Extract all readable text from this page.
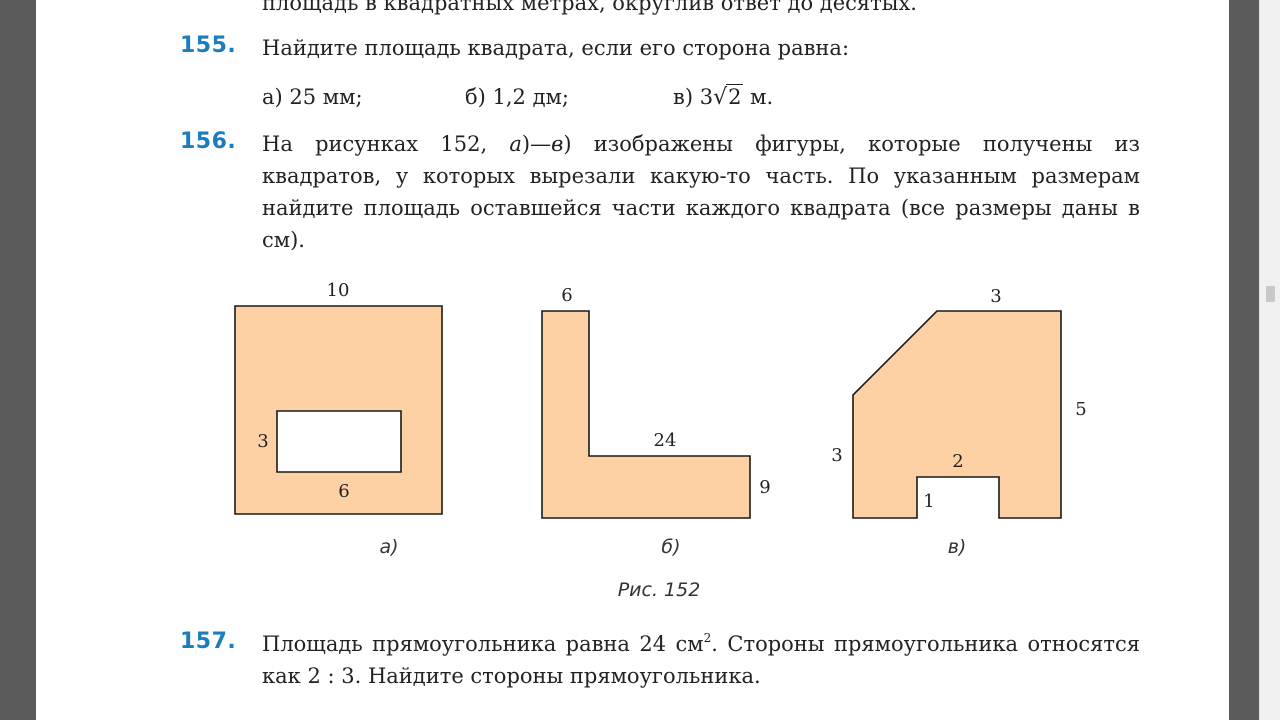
площадь в квадратных метрах, округлив ответ до десятых.
155. Найдите площадь квадрата, если его сторона равна:
а) 25 мм;	б) 1,2 дм;	в) 3√2 м.
156. На рисунках 152, а)—в) изображены фигуры, которые получены из квадратов, у которых вырезали какую-то часть. По указанным размерам найдите площадь оставшейся части каждого квадрата (все размеры даны в см).
10
3
6
а)
6
24
9
б)
3
5
3	2
1
в)
Рис. 152
157. Площадь прямоугольника равна 24 $см^2$. Стороны прямоугольника относятся как 2 : 3. Найдите стороны прямоугольника.
